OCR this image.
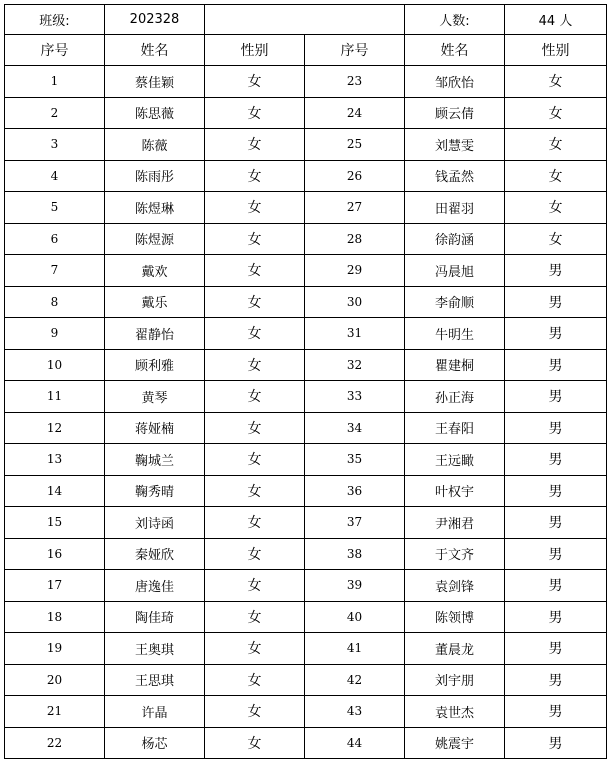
班级:	202328			人数:	44 人
序号	姓名	性别	序号	姓名	性别
1	蔡佳颖	女	23	邹欣怡	女
2	陈思薇	女	24	顾云倩	女
3	陈薇	女	25	刘慧雯	女
4	陈雨彤	女	26	钱孟然	女
5	陈煜琳	女	27	田翟羽	女
6	陈煜源	女	28	徐韵涵	女
7	戴欢	女	29	冯晨旭	男
8	戴乐	女	30	李俞顺	男
9	翟静怡	女	31	牛明生	男
10	顾利雅	女	32	瞿建桐	男
11	黄琴	女	33	孙正海	男
12	蒋娅楠	女	34	王春阳	男
13	鞠城兰	女	35	王远瞰	男
14	鞠秀晴	女	36	叶权宇	男
15	刘诗函	女	37	尹湘君	男
16	秦娅欣	女	38	于文齐	男
17	唐逸佳	女	39	袁剑锋	男
18	陶佳琦	女	40	陈领博	男
19	王奥琪	女	41	董晨龙	男
20	王思琪	女	42	刘宇朋	男
21	许晶	女	43	袁世杰	男
22	杨芯	女	44	姚震宇	男
